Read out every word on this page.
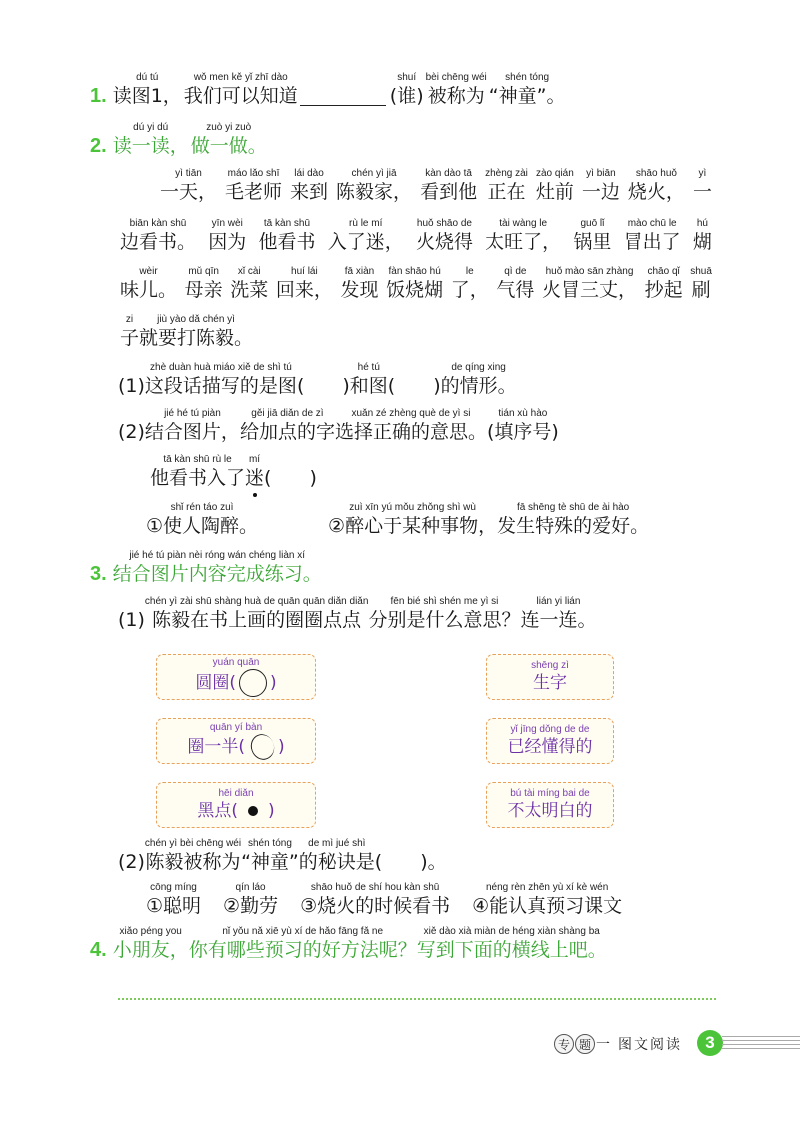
1.
dú tú
读图1，
wǒ men kě yǐ zhī dào
我们可以知道
shuí
(谁)
bèi chēng wéi
被称为
shén tóng
“神童”。
2.
dú yi dú
读一读，
zuò yi zuò
做一做。
yì tiān
一天，
máo lǎo shī
毛老师
lái dào
来到
chén yì jiā
陈毅家，
kàn dào tā
看到他
zhèng zài
正在
zào qián
灶前
yì biān
一边
shāo huǒ
烧火，
yì
一
biān kàn shū
边看书。
yīn wèi
因为
tā kàn shū
他看书
rù le mí
入了迷，
huǒ shāo de
火烧得
tài wàng le
太旺了，
guō lǐ
锅里
mào chū le
冒出了
hú
煳
wèir
味儿。
mǔ qīn
母亲
xǐ cài
洗菜
huí lái
回来，
fā xiàn
发现
fàn shāo hú
饭烧煳
le
了，
qì de
气得
huǒ mào sān zhàng
火冒三丈，
chāo qǐ
抄起
shuā
刷
zi
子
jiù yào dǎ chén yì
就要打陈毅。
(1)
zhè duàn huà miáo xiě de shì tú
这段话描写的是图 (　　)
hé tú
和图 (　　)
de qíng xing
的情形。
(2)
jié hé tú piàn
结合图片，
gěi jiā diǎn de zì
给加点的字
xuǎn zé zhèng què de yì si
选择正确的意思。
tián xù hào
(填序号)
tā kàn shū rù le
他看书入了
mí
迷 (　　)
shǐ rén táo zuì
①使人陶醉。
zuì xīn yú mǒu zhǒng shì wù
②醉心于某种事物，
fā shēng tè shū de ài hào
发生特殊的爱好。
3.
jié hé tú piàn nèi róng wán chéng liàn xí
结合图片内容完成练习。
(1)
chén yì zài shū shàng huà de quān quān diǎn diǎn
陈毅在书上画的圈圈点点
fēn bié shì shén me yì si
分别是什么意思？
lián yi lián
连一连。
yuán quān
圆圈( )
quān yí bàn
圈一半( )
hēi diǎn
黑点( )
shēng zì
生字
yǐ jīng dǒng de de
已经懂得的
bú tài míng bai de
不太明白的
(2)
chén yì bèi chēng wéi
陈毅被称为
shén tóng
“神童”
de mì jué shì
的秘诀是 (　　)。
cōng míng
①聪明
qín láo
②勤劳
shāo huǒ de shí hou kàn shū
③烧火的时候看书
néng rèn zhēn yù xí kè wén
④能认真预习课文
4.
xiǎo péng you
小朋友，
nǐ yǒu nǎ xiē yù xí de hǎo fāng fǎ ne
你有哪些预习的好方法呢？
xiě dào xià miàn de héng xiàn shàng ba
写到下面的横线上吧。
专 题 一 图文阅读	3
